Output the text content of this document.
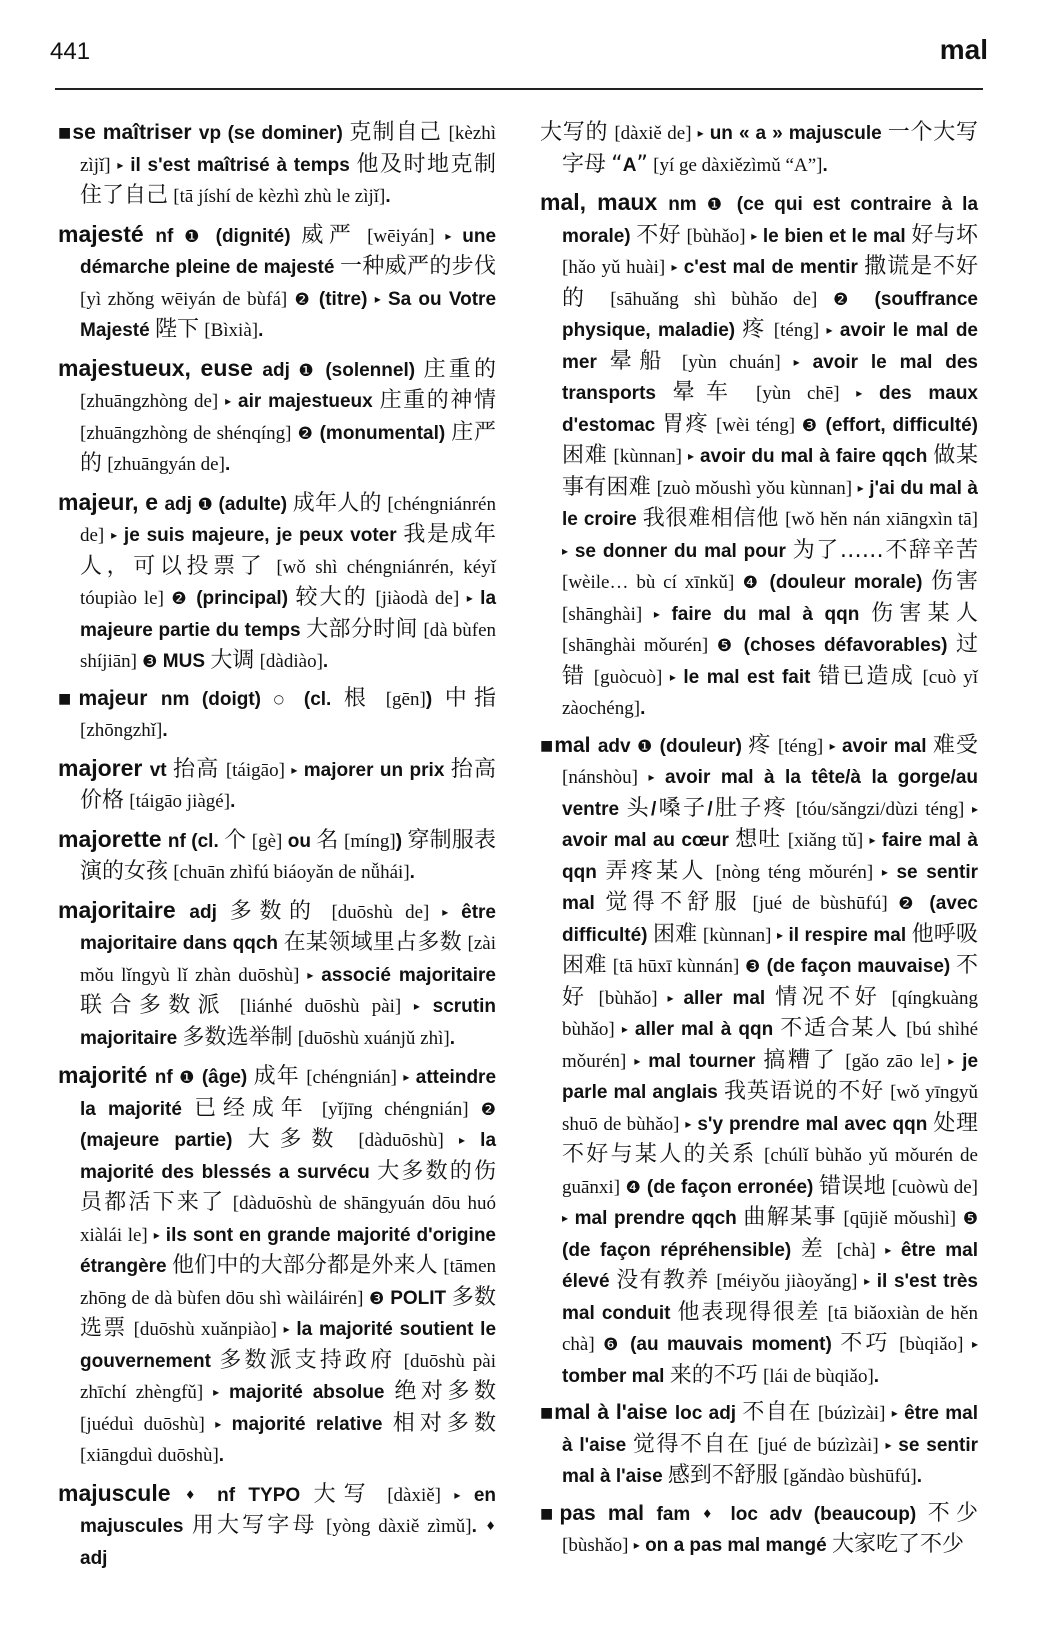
441	mal
■se maîtriser vp (se dominer) 克制自己 [kèzhì zìjǐ] ▸ il s'est maîtrisé à temps 他及时地克制住了自己 [tā jíshí de kèzhì zhù le zìjǐ].
majesté nf ❶ (dignité) 威严 [wēiyán] ▸ une démarche pleine de majesté 一种威严的步伐 [yì zhǒng wēiyán de bùfá] ❷ (titre) ▸ Sa ou Votre Majesté 陛下 [Bìxià].
majestueux, euse adj ❶ (solennel) 庄重的 [zhuāngzhòng de] ▸ air majestueux 庄重的神情 [zhuāngzhòng de shénqíng] ❷ (monumental) 庄严的 [zhuāngyán de].
majeur, e adj ❶ (adulte) 成年人的 [chéngniánrén de] ▸ je suis majeure, je peux voter 我是成年人，可以投票了 [wǒ shì chéngniánrén, kéyǐ tóupiào le] ❷ (principal) 较大的 [jiàodà de] ▸ la majeure partie du temps 大部分时间 [dà bùfen shíjiān] ❸ MUS 大调 [dàdiào].
■majeur nm (doigt) ○ (cl. 根 [gēn]) 中指 [zhōngzhǐ].
majorer vt 抬高 [táigāo] ▸ majorer un prix 抬高价格 [táigāo jiàgé].
majorette nf (cl. 个 [gè] ou 名 [míng]) 穿制服表演的女孩 [chuān zhìfú biáoyǎn de nǚhái].
majoritaire adj 多数的 [duōshù de] ▸ être majoritaire dans qqch 在某领域里占多数 [zài mǒu lǐngyù lǐ zhàn duōshù] ▸ associé majoritaire 联合多数派 [liánhé duōshù pài] ▸ scrutin majoritaire 多数选举制 [duōshù xuánjǔ zhì].
majorité nf ❶ (âge) 成年 [chéngnián] ▸ atteindre la majorité 已经成年 [yǐjīng chéngnián] ❷ (majeure partie) 大多数 [dàduōshù] ▸ la majorité des blessés a survécu 大多数的伤员都活下来了 [dàduōshù de shāngyuán dōu huó xiàlái le] ▸ ils sont en grande majorité d'origine étrangère 他们中的大部分都是外来人 [tāmen zhōng de dà bùfen dōu shì wàiláirén] ❸ POLIT 多数选票 [duōshù xuǎnpiào] ▸ la majorité soutient le gouvernement 多数派支持政府 [duōshù pài zhīchí zhèngfǔ] ▸ majorité absolue 绝对多数 [juéduì duōshù] ▸ majorité relative 相对多数 [xiāngduì duōshù].
majuscule ♦ nf TYPO 大写 [dàxiě] ▸ en majuscules 用大写字母 [yòng dàxiě zìmǔ]. ♦ adj
大写的 [dàxiě de] ▸ un « a » majuscule 一个大写字母 “A” [yí ge dàxiězìmǔ “A”].
mal, maux nm ❶ (ce qui est contraire à la morale) 不好 [bùhǎo] ▸ le bien et le mal 好与坏 [hǎo yǔ huài] ▸ c'est mal de mentir 撒谎是不好的 [sāhuǎng shì bùhǎo de] ❷ (souffrance physique, maladie) 疼 [téng] ▸ avoir le mal de mer 晕船 [yùn chuán] ▸ avoir le mal des transports 晕车 [yùn chē] ▸ des maux d'estomac 胃疼 [wèi téng] ❸ (effort, difficulté) 困难 [kùnnan] ▸ avoir du mal à faire qqch 做某事有困难 [zuò mǒushì yǒu kùnnan] ▸ j'ai du mal à le croire 我很难相信他 [wǒ hěn nán xiāngxìn tā] ▸ se donner du mal pour 为了……不辞辛苦 [wèile… bù cí xīnkǔ] ❹ (douleur morale) 伤害 [shānghài] ▸ faire du mal à qqn 伤害某人 [shānghài mǒurén] ❺ (choses défavorables) 过错 [guòcuò] ▸ le mal est fait 错已造成 [cuò yǐ zàochéng].
■mal adv ❶ (douleur) 疼 [téng] ▸ avoir mal 难受 [nánshòu] ▸ avoir mal à la tête/à la gorge/au ventre 头/嗓子/肚子疼 [tóu/sǎngzi/dùzi téng] ▸ avoir mal au cœur 想吐 [xiǎng tǔ] ▸ faire mal à qqn 弄疼某人 [nòng téng mǒurén] ▸ se sentir mal 觉得不舒服 [jué de bùshūfú] ❷ (avec difficulté) 困难 [kùnnan] ▸ il respire mal 他呼吸困难 [tā hūxī kùnnán] ❸ (de façon mauvaise) 不好 [bùhǎo] ▸ aller mal 情况不好 [qíngkuàng bùhǎo] ▸ aller mal à qqn 不适合某人 [bú shìhé mǒurén] ▸ mal tourner 搞糟了 [gǎo zāo le] ▸ je parle mal anglais 我英语说的不好 [wǒ yīngyǔ shuō de bùhǎo] ▸ s'y prendre mal avec qqn 处理不好与某人的关系 [chúlǐ bùhǎo yǔ mǒurén de guānxi] ❹ (de façon erronée) 错误地 [cuòwù de] ▸ mal prendre qqch 曲解某事 [qūjiě mǒushì] ❺ (de façon répréhensible) 差 [chà] ▸ être mal élevé 没有教养 [méiyǒu jiàoyǎng] ▸ il s'est très mal conduit 他表现得很差 [tā biǎoxiàn de hěn chà] ❻ (au mauvais moment) 不巧 [bùqiǎo] ▸ tomber mal 来的不巧 [lái de bùqiǎo].
■mal à l'aise loc adj 不自在 [búzìzài] ▸ être mal à l'aise 觉得不自在 [jué de búzìzài] ▸ se sentir mal à l'aise 感到不舒服 [gǎndào bùshūfú].
■pas mal fam ♦ loc adv (beaucoup) 不少 [bùshǎo] ▸ on a pas mal mangé 大家吃了不少
